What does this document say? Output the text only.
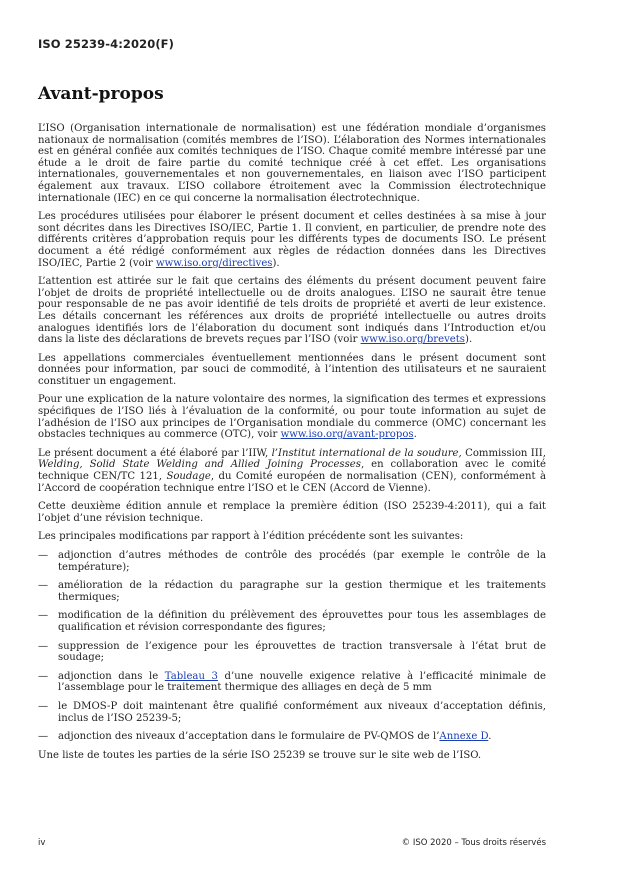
ISO 25239-4:2020(F)
Avant-propos

L’ISO (Organisation internationale de normalisation) est une fédération mondiale d’organismes nationaux de normalisation (comités membres de l’ISO). L’élaboration des Normes internationales est en général confiée aux comités techniques de l’ISO. Chaque comité membre intéressé par une étude a le droit de faire partie du comité technique créé à cet effet. Les organisations internationales, gouvernementales et non gouvernementales, en liaison avec l’ISO participent également aux travaux. L’ISO collabore étroitement avec la Commission électrotechnique internationale (IEC) en ce qui concerne la normalisation électrotechnique.

Les procédures utilisées pour élaborer le présent document et celles destinées à sa mise à jour sont décrites dans les Directives ISO/IEC, Partie 1. Il convient, en particulier, de prendre note des différents critères d’approbation requis pour les différents types de documents ISO. Le présent document a été rédigé conformément aux règles de rédaction données dans les Directives ISO/IEC, Partie 2 (voir www.iso.org/directives).

L’attention est attirée sur le fait que certains des éléments du présent document peuvent faire l’objet de droits de propriété intellectuelle ou de droits analogues. L’ISO ne saurait être tenue pour responsable de ne pas avoir identifié de tels droits de propriété et averti de leur existence. Les détails concernant les références aux droits de propriété intellectuelle ou autres droits analogues identifiés lors de l’élaboration du document sont indiqués dans l’Introduction et/ou dans la liste des déclarations de brevets reçues par l’ISO (voir www.iso.org/brevets).

Les appellations commerciales éventuellement mentionnées dans le présent document sont données pour information, par souci de commodité, à l’intention des utilisateurs et ne sauraient constituer un engagement.

Pour une explication de la nature volontaire des normes, la signification des termes et expressions spécifiques de l’ISO liés à l’évaluation de la conformité, ou pour toute information au sujet de l’adhésion de l’ISO aux principes de l’Organisation mondiale du commerce (OMC) concernant les obstacles techniques au commerce (OTC), voir www.iso.org/avant-propos.

Le présent document a été élaboré par l’IIW, l’Institut international de la soudure, Commission III, Welding, Solid State Welding and Allied Joining Processes, en collaboration avec le comité technique CEN/TC 121, Soudage, du Comité européen de normalisation (CEN), conformément à l’Accord de coopération technique entre l’ISO et le CEN (Accord de Vienne).

Cette deuxième édition annule et remplace la première édition (ISO 25239-4:2011), qui a fait l’objet d’une révision technique.

Les principales modifications par rapport à l’édition précédente sont les suivantes:

— adjonction d’autres méthodes de contrôle des procédés (par exemple le contrôle de la température);
— amélioration de la rédaction du paragraphe sur la gestion thermique et les traitements thermiques;
— modification de la définition du prélèvement des éprouvettes pour tous les assemblages de qualification et révision correspondante des figures;
— suppression de l’exigence pour les éprouvettes de traction transversale à l’état brut de soudage;
— adjonction dans le Tableau 3 d’une nouvelle exigence relative à l’efficacité minimale de l’assemblage pour le traitement thermique des alliages en deçà de 5 mm
— le DMOS-P doit maintenant être qualifié conformément aux niveaux d’acceptation définis, inclus de l’ISO 25239-5;
— adjonction des niveaux d’acceptation dans le formulaire de PV-QMOS de l’Annexe D.

Une liste de toutes les parties de la série ISO 25239 se trouve sur le site web de l’ISO.

iv	© ISO 2020 – Tous droits réservés
